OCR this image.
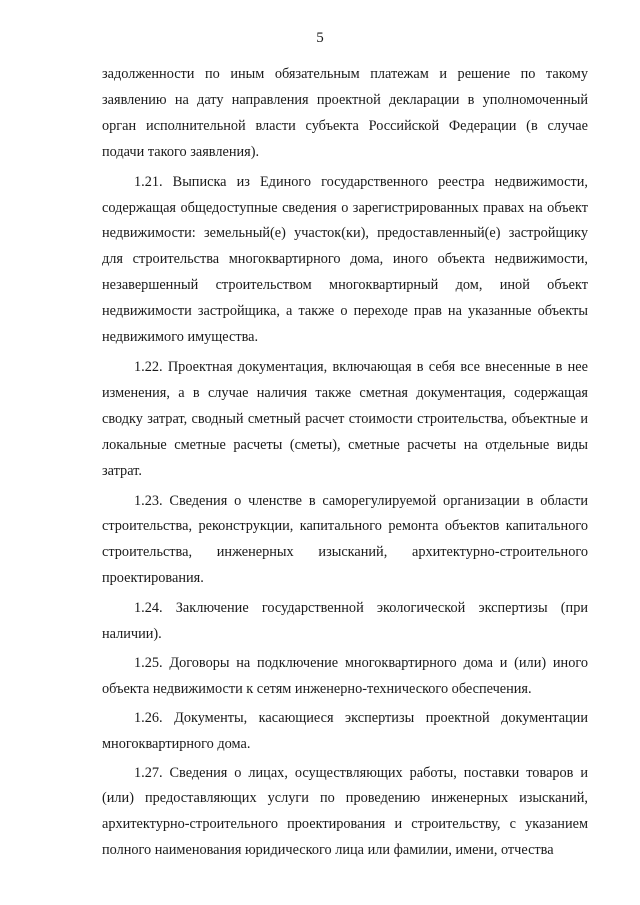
5

задолженности по иным обязательным платежам и решение по такому заявлению на дату направления проектной декларации в уполномоченный орган исполнительной власти субъекта Российской Федерации (в случае подачи такого заявления).

1.21. Выписка из Единого государственного реестра недвижимости, содержащая общедоступные сведения о зарегистрированных правах на объект недвижимости: земельный(е) участок(ки), предоставленный(е) застройщику для строительства многоквартирного дома, иного объекта недвижимости, незавершенный строительством многоквартирный дом, иной объект недвижимости застройщика, а также о переходе прав на указанные объекты недвижимого имущества.

1.22. Проектная документация, включающая в себя все внесенные в нее изменения, а в случае наличия также сметная документация, содержащая сводку затрат, сводный сметный расчет стоимости строительства, объектные и локальные сметные расчеты (сметы), сметные расчеты на отдельные виды затрат.

1.23. Сведения о членстве в саморегулируемой организации в области строительства, реконструкции, капитального ремонта объектов капитального строительства, инженерных изысканий, архитектурно-строительного проектирования.

1.24. Заключение государственной экологической экспертизы (при наличии).

1.25. Договоры на подключение многоквартирного дома и (или) иного объекта недвижимости к сетям инженерно-технического обеспечения.

1.26. Документы, касающиеся экспертизы проектной документации многоквартирного дома.

1.27. Сведения о лицах, осуществляющих работы, поставки товаров и (или) предоставляющих услуги по проведению инженерных изысканий, архитектурно-строительного проектирования и строительству, с указанием полного наименования юридического лица или фамилии, имени, отчества
